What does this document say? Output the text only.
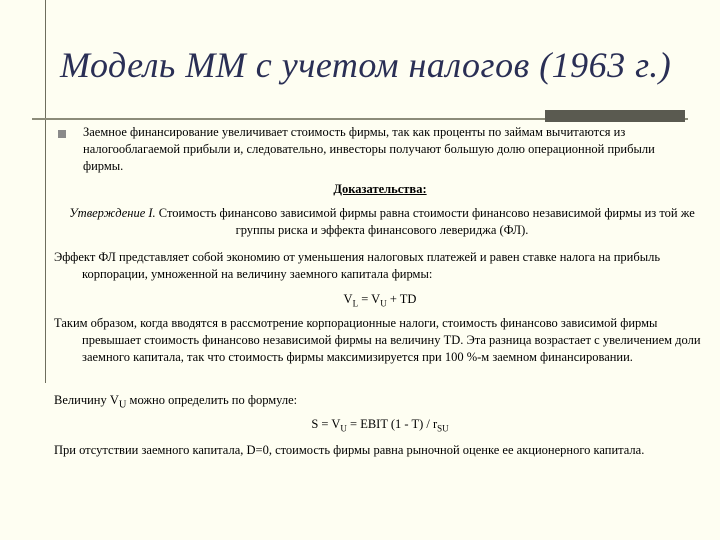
Модель ММ с учетом налогов (1963 г.)
Заемное финансирование увеличивает стоимость фирмы, так как проценты по займам вычитаются из налогооблагаемой прибыли и, следовательно, инвесторы получают большую долю операционной прибыли фирмы.
Доказательства:
Утверждение I. Стоимость финансово зависимой фирмы равна стоимости финансово независимой фирмы из той же группы риска и эффекта финансового левериджа (ФЛ).
Эффект ФЛ представляет собой экономию от уменьшения налоговых платежей и равен ставке налога на прибыль корпорации, умноженной на величину заемного капитала фирмы:
$V_L = V_U$ + TD
Таким образом, когда вводятся в рассмотрение корпорационные налоги, стоимость финансово зависимой фирмы превышает стоимость финансово независимой фирмы на величину TD. Эта разница возрастает с увеличением доли заемного капитала, так что стоимость фирмы максимизируется при 100 %-м заемном финансировании.
Величину $V_U$ можно определить по формуле:
$S = V_U$ = EBIT $(1 - T) / r_{SU}$
При отсутствии заемного капитала, D=0, стоимость фирмы равна рыночной оценке ее акционерного капитала.
